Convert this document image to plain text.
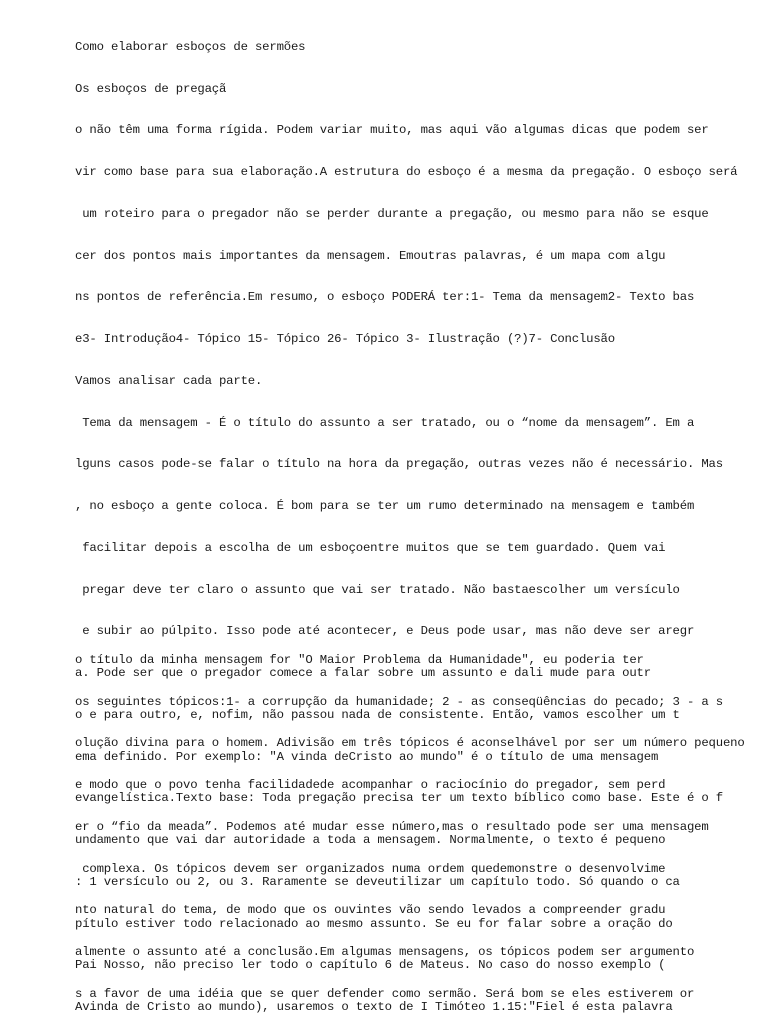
Como elaborar esboços de sermões

Os esboços de pregaçã

o não têm uma forma rígida. Podem variar muito, mas aqui vão algumas dicas que podem ser

vir como base para sua elaboração.A estrutura do esboço é a mesma da pregação. O esboço será

um roteiro para o pregador não se perder durante a pregação, ou mesmo para não se esque

cer dos pontos mais importantes da mensagem. Emoutras palavras, é um mapa com algu

ns pontos de referência.Em resumo, o esboço PODERÁ ter:1- Tema da mensagem2- Texto bas

e3- Introdução4- Tópico 15- Tópico 26- Tópico 3- Ilustração (?)7- Conclusão

Vamos analisar cada parte.

Tema da mensagem - É o título do assunto a ser tratado, ou o “nome da mensagem”. Em a

lguns casos pode-se falar o título na hora da pregação, outras vezes não é necessário. Mas

, no esboço a gente coloca. É bom para se ter um rumo determinado na mensagem e também

facilitar depois a escolha de um esboçoentre muitos que se tem guardado. Quem vai

pregar deve ter claro o assunto que vai ser tratado. Não bastaescolher um versículo

e subir ao púlpito. Isso pode até acontecer, e Deus pode usar, mas não deve ser aregr

a. Pode ser que o pregador comece a falar sobre um assunto e dali mude para outr

o e para outro, e, nofim, não passou nada de consistente. Então, vamos escolher um t

ema definido. Por exemplo: "A vinda deCristo ao mundo" é o título de uma mensagem

evangelística.Texto base: Toda pregação precisa ter um texto bíblico como base. Este é o f

undamento que vai dar autoridade a toda a mensagem. Normalmente, o texto é pequeno

: 1 versículo ou 2, ou 3. Raramente se deveutilizar um capítulo todo. Só quando o ca

pítulo estiver todo relacionado ao mesmo assunto. Se eu for falar sobre a oração do

Pai Nosso, não preciso ler todo o capítulo 6 de Mateus. No caso do nosso exemplo (

Avinda de Cristo ao mundo), usaremos o texto de I Timóteo 1.15:"Fiel é esta palavra

o título da minha mensagem for "O Maior Problema da Humanidade", eu poderia ter

os seguintes tópicos:1- a corrupção da humanidade; 2 - as conseqüências do pecado; 3 - a s

olução divina para o homem. Adivisão em três tópicos é aconselhável por ser um número pequeno

e modo que o povo tenha facilidadede acompanhar o raciocínio do pregador, sem perd

er o “fio da meada”. Podemos até mudar esse número,mas o resultado pode ser uma mensagem

complexa. Os tópicos devem ser organizados numa ordem quedemonstre o desenvolvime

nto natural do tema, de modo que os ouvintes vão sendo levados a compreender gradu

almente o assunto até a conclusão.Em algumas mensagens, os tópicos podem ser argumento

s a favor de uma idéia que se quer defender como sermão. Será bom se eles estiverem or
